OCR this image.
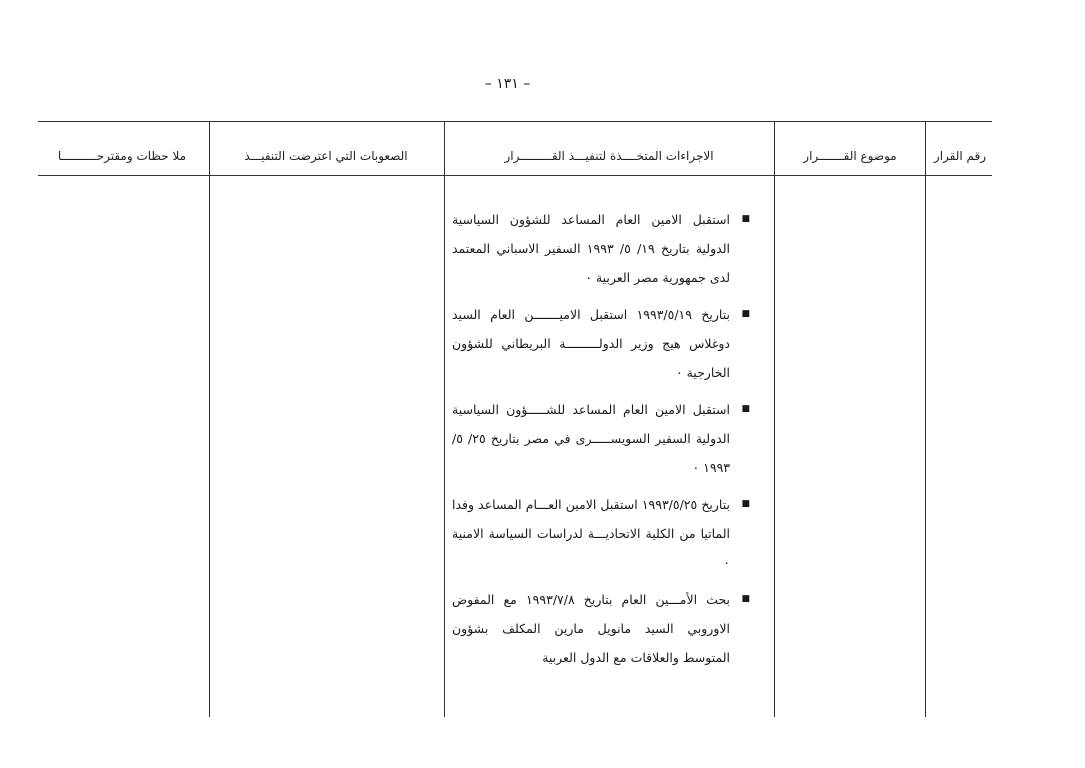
– ١٣١ –
رقم القرار
موضوع القـــــــرار
الاجراءات المتخــــذة لتنفيـــذ القـــــــــرار
الصعوبات التي اعترضت التنفيـــذ
ملا حظات ومقترحــــــــــا
■
استقبل الامين العام المساعد للشؤون السياسية الدولية بتاريخ ١٩/ ٥/ ١٩٩٣ السفير الاسباني المعتمد لدى جمهورية مصر العربية ٠
■
بتاريخ ١٩٩٣/٥/١٩ استقبل الاميـــــــن العام السيد دوغلاس هيج وزير الدولـــــــــة البريطاني للشؤون الخارجية ٠
■
استقبل الامين العام المساعد للشـــــؤون السياسية الدولية السفير السويســـــرى في مصر بتاريخ ٢٥/ ٥/ ١٩٩٣ ٠
■
بتاريخ ١٩٩٣/٥/٢٥ استقبل الامين العـــام المساعد وفدا الماتيا من الكلية الاتحاديـــة لدراسات السياسة الامنية ٠
■
بحث الأمـــين العام بتاريخ ١٩٩٣/٧/٨ مع المفوض الاوروبي السيد مانويل مارين المكلف بشؤون المتوسط والعلاقات مع الدول العربية
